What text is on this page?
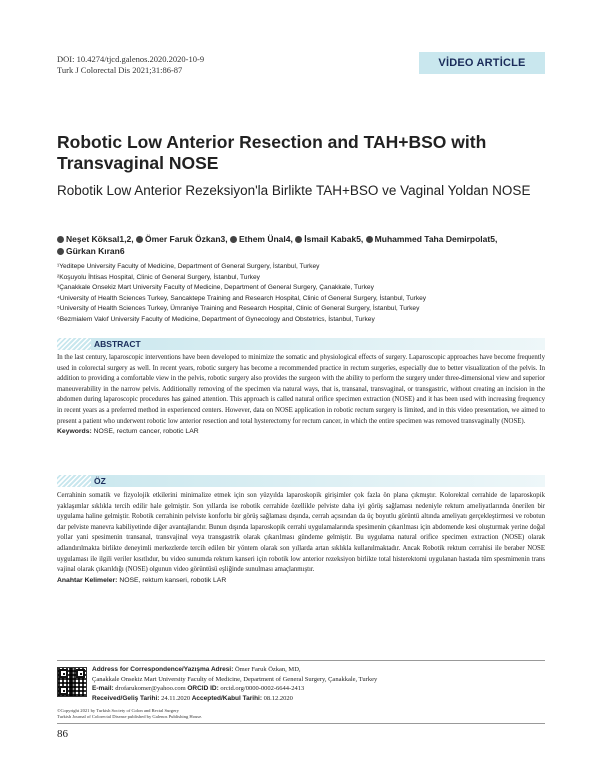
DOI: 10.4274/tjcd.galenos.2020.2020-10-9
Turk J Colorectal Dis 2021;31:86-87
VİDEO ARTİCLE
Robotic Low Anterior Resection and TAH+BSO with Transvaginal NOSE
Robotik Low Anterior Rezeksiyon'la Birlikte TAH+BSO ve Vaginal Yoldan NOSE
Neşet Köksal1,2, Ömer Faruk Özkan3, Ethem Ünal4, İsmail Kabak5, Muhammed Taha Demirpolat5,
Gürkan Kıran6
¹Yeditepe University Faculty of Medicine, Department of General Surgery, İstanbul, Turkey
²Koşuyolu İhtisas Hospital, Clinic of General Surgery, İstanbul, Turkey
³Çanakkale Onsekiz Mart University Faculty of Medicine, Department of General Surgery, Çanakkale, Turkey
⁴University of Health Sciences Turkey, Sancaktepe Training and Research Hospital, Clinic of General Surgery, İstanbul, Turkey
⁵University of Health Sciences Turkey, Ümraniye Training and Research Hospital, Clinic of General Surgery, İstanbul, Turkey
⁶Bezmialem Vakıf University Faculty of Medicine, Department of Gynecology and Obstetrics, İstanbul, Turkey
ABSTRACT
In the last century, laparoscopic interventions have been developed to minimize the somatic and physiological effects of surgery. Laparoscopic approaches have become frequently used in colorectal surgery as well. In recent years, robotic surgery has become a recommended practice in rectum surgeries, especially due to better visualization of the pelvis. In addition to providing a comfortable view in the pelvis, robotic surgery also provides the surgeon with the ability to perform the surgery under three-dimensional view and superior maneuverability in the narrow pelvis. Additionally removing of the specimen via natural ways, that is, transanal, transvaginal, or transgastric, without creating an incision in the abdomen during laparoscopic procedures has gained attention. This approach is called natural orifice specimen extraction (NOSE) and it has been used with increasing frequency in recent years as a preferred method in experienced centers. However, data on NOSE application in robotic rectum surgery is limited, and in this video presentation, we aimed to present a patient who underwent robotic low anterior resection and total hysterectomy for rectum cancer, in which the entire specimen was removed transvaginally (NOSE).
Keywords: NOSE, rectum cancer, robotic LAR
ÖZ
Cerrahinin somatik ve fizyolojik etkilerini minimalize etmek için son yüzyılda laparoskopik girişimler çok fazla ön plana çıkmıştır. Kolorektal cerrahide de laparoskopik yaklaşımlar sıklıkla tercih edilir hale gelmiştir. Son yıllarda ise robotik cerrahide özellikle pelviste daha iyi görüş sağlaması nedeniyle rektum ameliyatlarında önerilen bir uygulama haline gelmiştir. Robotik cerrahinin pelviste konforlu bir görüş sağlaması dışında, cerrah açısından da üç boyutlu görüntü altında ameliyatı gerçekleştirmesi ve robotun dar pelviste manevra kabiliyetinde diğer avantajlarıdır. Bunun dışında laparoskopik cerrahi uygulamalarında spesimenin çıkarılması için abdomende kesi oluşturmak yerine doğal yollar yani spesimenin transanal, transvajinal veya transgastrik olarak çıkarılması gündeme gelmiştir. Bu uygulama natural orifice specimen extraction (NOSE) olarak adlandırılmakta birlikte deneyimli merkezlerde tercih edilen bir yöntem olarak son yıllarda artan sıklıkla kullanılmaktadır. Ancak Robotik rektum cerrahisi ile beraber NOSE uygulaması ile ilgili veriler kısıtlıdur, bu video sunumda rektum kanseri için robotik low anterior rezeksiyon birlikte total histerektomi uygulanan hastada tüm spesmimenin trans vajinal olarak çıkarıldığı (NOSE) olgunun video görüntüsü eşliğinde sunulması amaçlanmıştır.
Anahtar Kelimeler: NOSE, rektum kanseri, robotik LAR
Address for Correspondence/Yazışma Adresi: Ömer Faruk Özkan, MD,
Çanakkale Onsekiz Mart University Faculty of Medicine, Department of General Surgery, Çanakkale, Turkey
E-mail: drofarukomer@yahoo.com ORCID ID: orcid.org/0000-0002-6644-2413
Received/Geliş Tarihi: 24.11.2020 Accepted/Kabul Tarihi: 08.12.2020
©Copyright 2021 by Turkish Society of Colon and Rectal Surgery
Turkish Journal of Colorectal Disease published by Galenos Publishing House.
86
